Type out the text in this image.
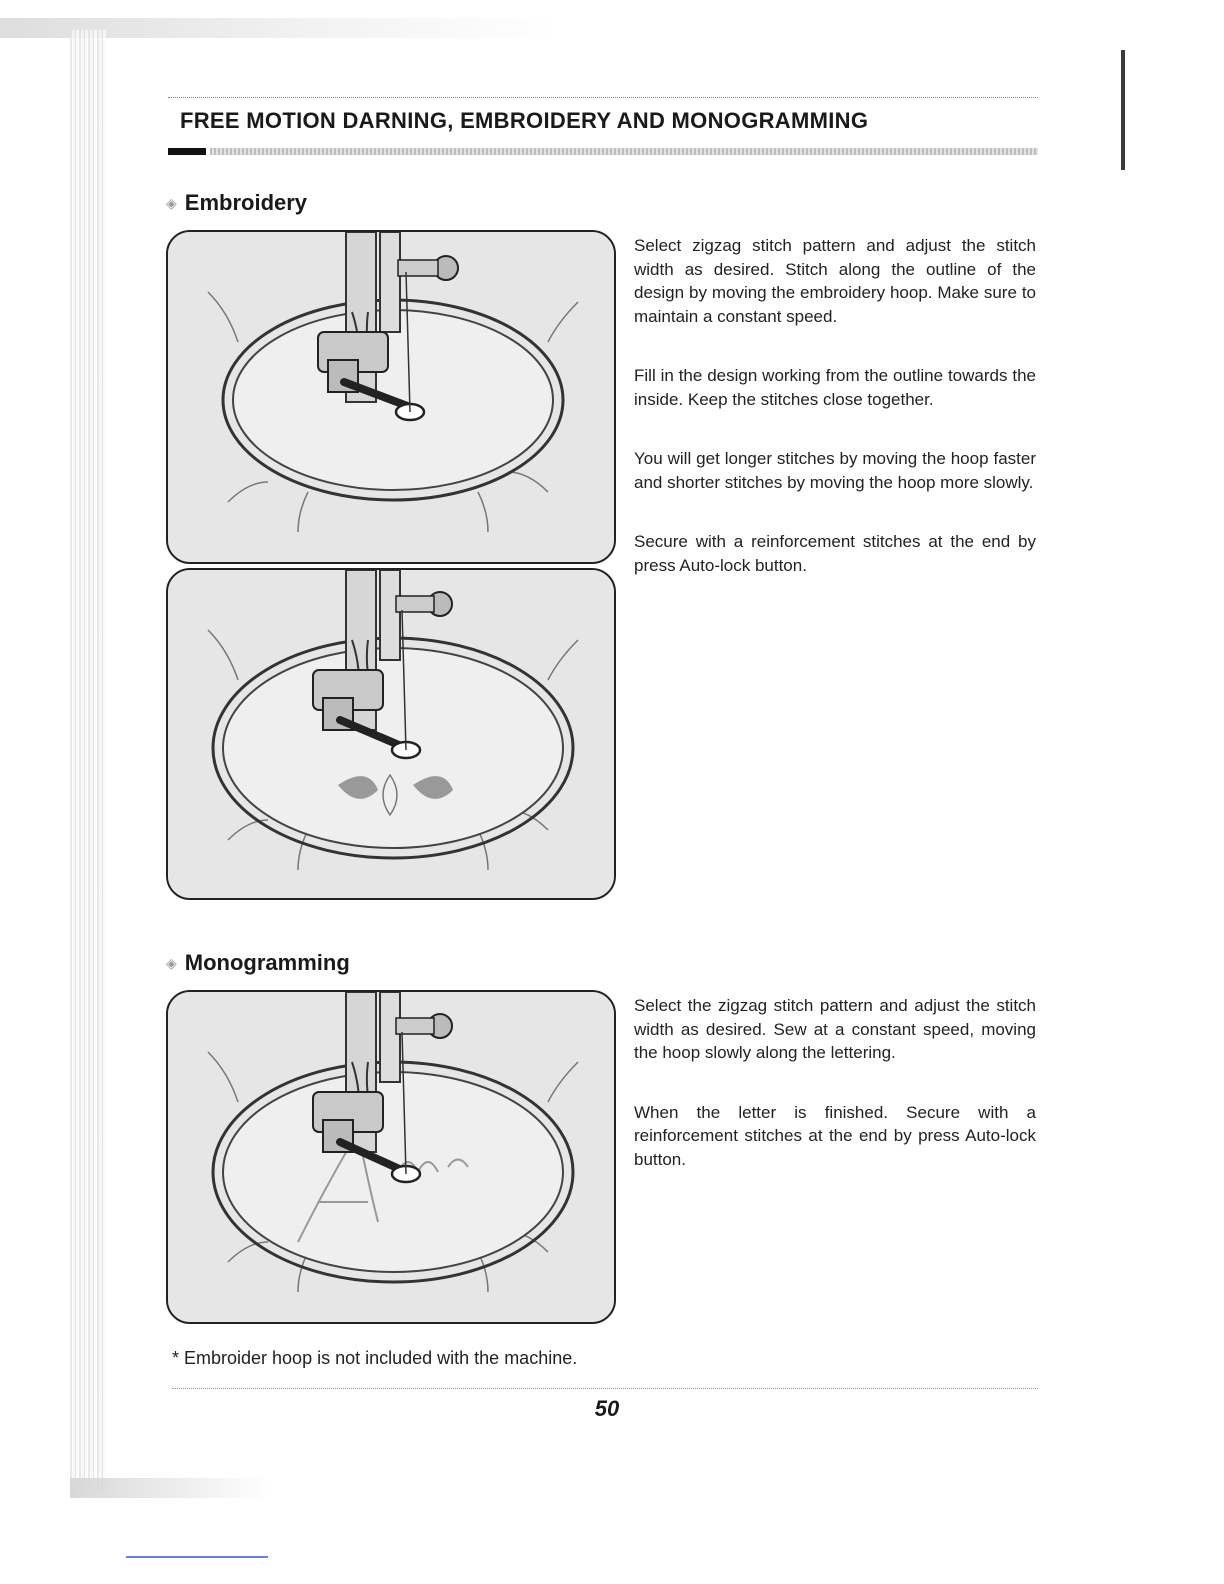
FREE MOTION DARNING, EMBROIDERY AND MONOGRAMMING
◈ Embroidery

Select zigzag stitch pattern and adjust the stitch width as desired. Stitch along the outline of the design by moving the embroidery hoop. Make sure to maintain a constant speed.

Fill in the design working from the outline towards the inside. Keep the stitches close together.

You will get longer stitches by moving the hoop faster and shorter stitches by moving the hoop more slowly.

Secure with a reinforcement stitches at the end by press Auto-lock button.

◈ Monogramming

Select the zigzag stitch pattern and adjust the stitch width as desired. Sew at a constant speed, moving the hoop slowly along the lettering.

When the letter is finished. Secure with a reinforcement stitches at the end by press Auto-lock button.

* Embroider hoop is not included with the machine.

50
